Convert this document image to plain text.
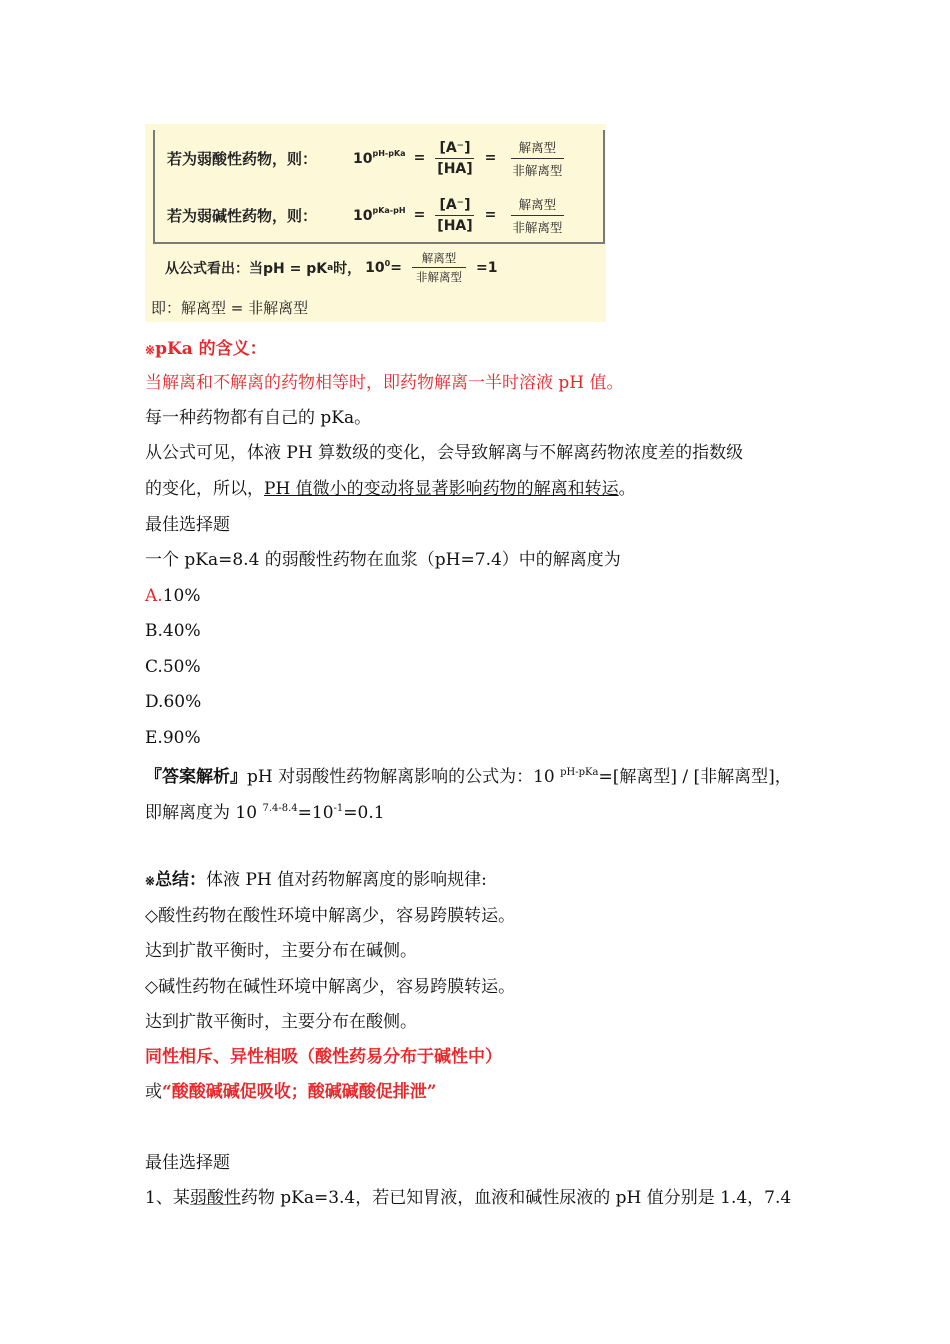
若为弱酸性药物，则：	$10^{pH-pKa} = \frac{[A^-]}{[HA]} = \frac{\text{解离型}}{\text{非解离型}}$
若为弱碱性药物，则：	$10^{pKa-pH} = \frac{[A^-]}{[HA]} = \frac{\text{解离型}}{\text{非解离型}}$
从公式看出：当pH = pK a 时， $10^0 = \frac{\text{解离型}}{\text{非解离型}} =1$
即：解离型 = 非解离型
※pKa 的含义：
当解离和不解离的药物相等时，即药物解离一半时溶液 pH 值。
每一种药物都有自己的 pKa。
从公式可见，体液 PH 算数级的变化，会导致解离与不解离药物浓度差的指数级
的变化，所以，PH 值微小的变动将显著影响药物的解离和转运。
最佳选择题
一个 pKa=8.4 的弱酸性药物在血浆（pH=7.4）中的解离度为
A.10%
B.40%
C.50%
D.60%
E.90%
『答案解析』pH 对弱酸性药物解离影响的公式为：10 $^{pH-pKa}$=[解离型] / [非解离型]，
即解离度为 10 $^{7.4-8.4}=10^{-1}=0.1$
※总结：体液 PH 值对药物解离度的影响规律:
◇酸性药物在酸性环境中解离少，容易跨膜转运。
达到扩散平衡时，主要分布在碱侧。
◇碱性药物在碱性环境中解离少，容易跨膜转运。
达到扩散平衡时，主要分布在酸侧。
同性相斥、异性相吸（酸性药易分布于碱性中）
或“酸酸碱碱促吸收；酸碱碱酸促排泄”
最佳选择题
1、某弱酸性药物 pKa=3.4，若已知胃液，血液和碱性尿液的 pH 值分别是 1.4，7.4
